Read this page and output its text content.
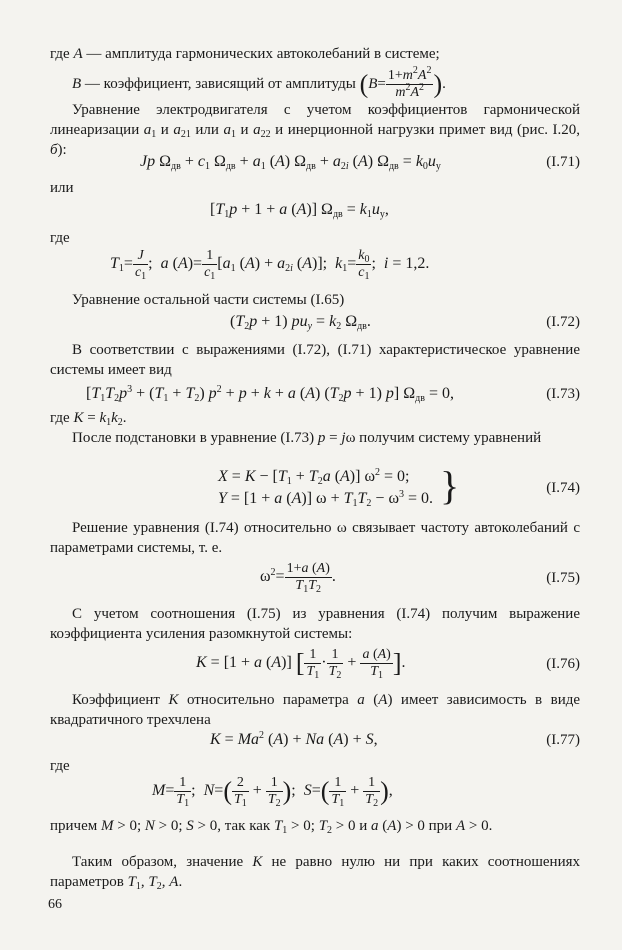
где A — амплитуда гармонических автоколебаний в системе;
B — коэффициент, зависящий от амплитуды ($B= \frac{1+m^2A^2}{m^2A^2}$ ).
Уравнение электродвигателя с учетом коэффициентов гармонической линеаризации $a_1$ и $a_{21}$ или $a_1$ и $a_{22}$ и инерционной нагрузки примет вид (рис. I.20, б):
Jp $\Omega_{дв} + c_1$ $\Omega_{дв} + a_1$ (A) $\Omega_{дв} + a_{2i}$ (A) $\Omega_{дв} = k_0u_у$	(I.71)
или
[$T_1p + 1 + a$ (A)] $\Omega_{дв} = k_1u_у$,
где
$T_1= \frac{J}{c_1}$ ;  a $(A)= \frac{1}{c_1} [a_1$ $(A) + a_{2i}$ (A)];  $k_1= \frac{k_0}{c_1}$ ;  i = 1,2.
Уравнение остальной части системы (I.65)
$(T_2p + 1) pu_y = k_2$ $\Omega_{дв}$.	(I.72)
В соответствии с выражениями (I.72), (I.71) характеристическое уравнение системы имеет вид
[$T_1T_2p^3 + (T_1 + T_2) p^2 + p + k + a$ (A) $(T_2p + 1)$ p] $\Omega_{дв} = 0$,	(I.73)
где $K = k_1k_2$.
После подстановки в уравнение (I.73) p = jω получим систему уравнений
$X = K - [T_1 + T_2a$ (A)] $\omega^2 = 0$;
Y = [1 + a (A)] $\omega + T_1T_2 - \omega^3 = 0$. }	(I.74)
Решение уравнения (I.74) относительно ω связывает частоту автоколебаний с параметрами системы, т. е.
$\omega^2= \frac{1+a (A)}{T_1T_2}$ .	(I.75)
С учетом соотношения (I.75) из уравнения (I.74) получим выражение коэффициента усиления разомкнутой системы:
K = [1 + a (A)] [ $\frac{1}{T_1} \cdot \frac{1}{T_2} + \frac{a (A)}{T_1}$ ].	(I.76)
Коэффициент K относительно параметра a (A) имеет зависимость в виде квадратичного трехчлена
$K = Ma^2$ (A) + Na (A) + S,	(I.77)
где
$M= \frac{1}{T_1}$ ;  $N=( \frac{2}{T_1} + \frac{1}{T_2}$ );  $S=( \frac{1}{T_1} + \frac{1}{T_2}$ ),
причем M > 0; N > 0; S > 0, так как $T_1 > 0$; $T_2 > 0$ и a (A) > 0 при A > 0.
Таким образом, значение K не равно нулю ни при каких соотношениях параметров $T_1$, $T_2$, A.
66
